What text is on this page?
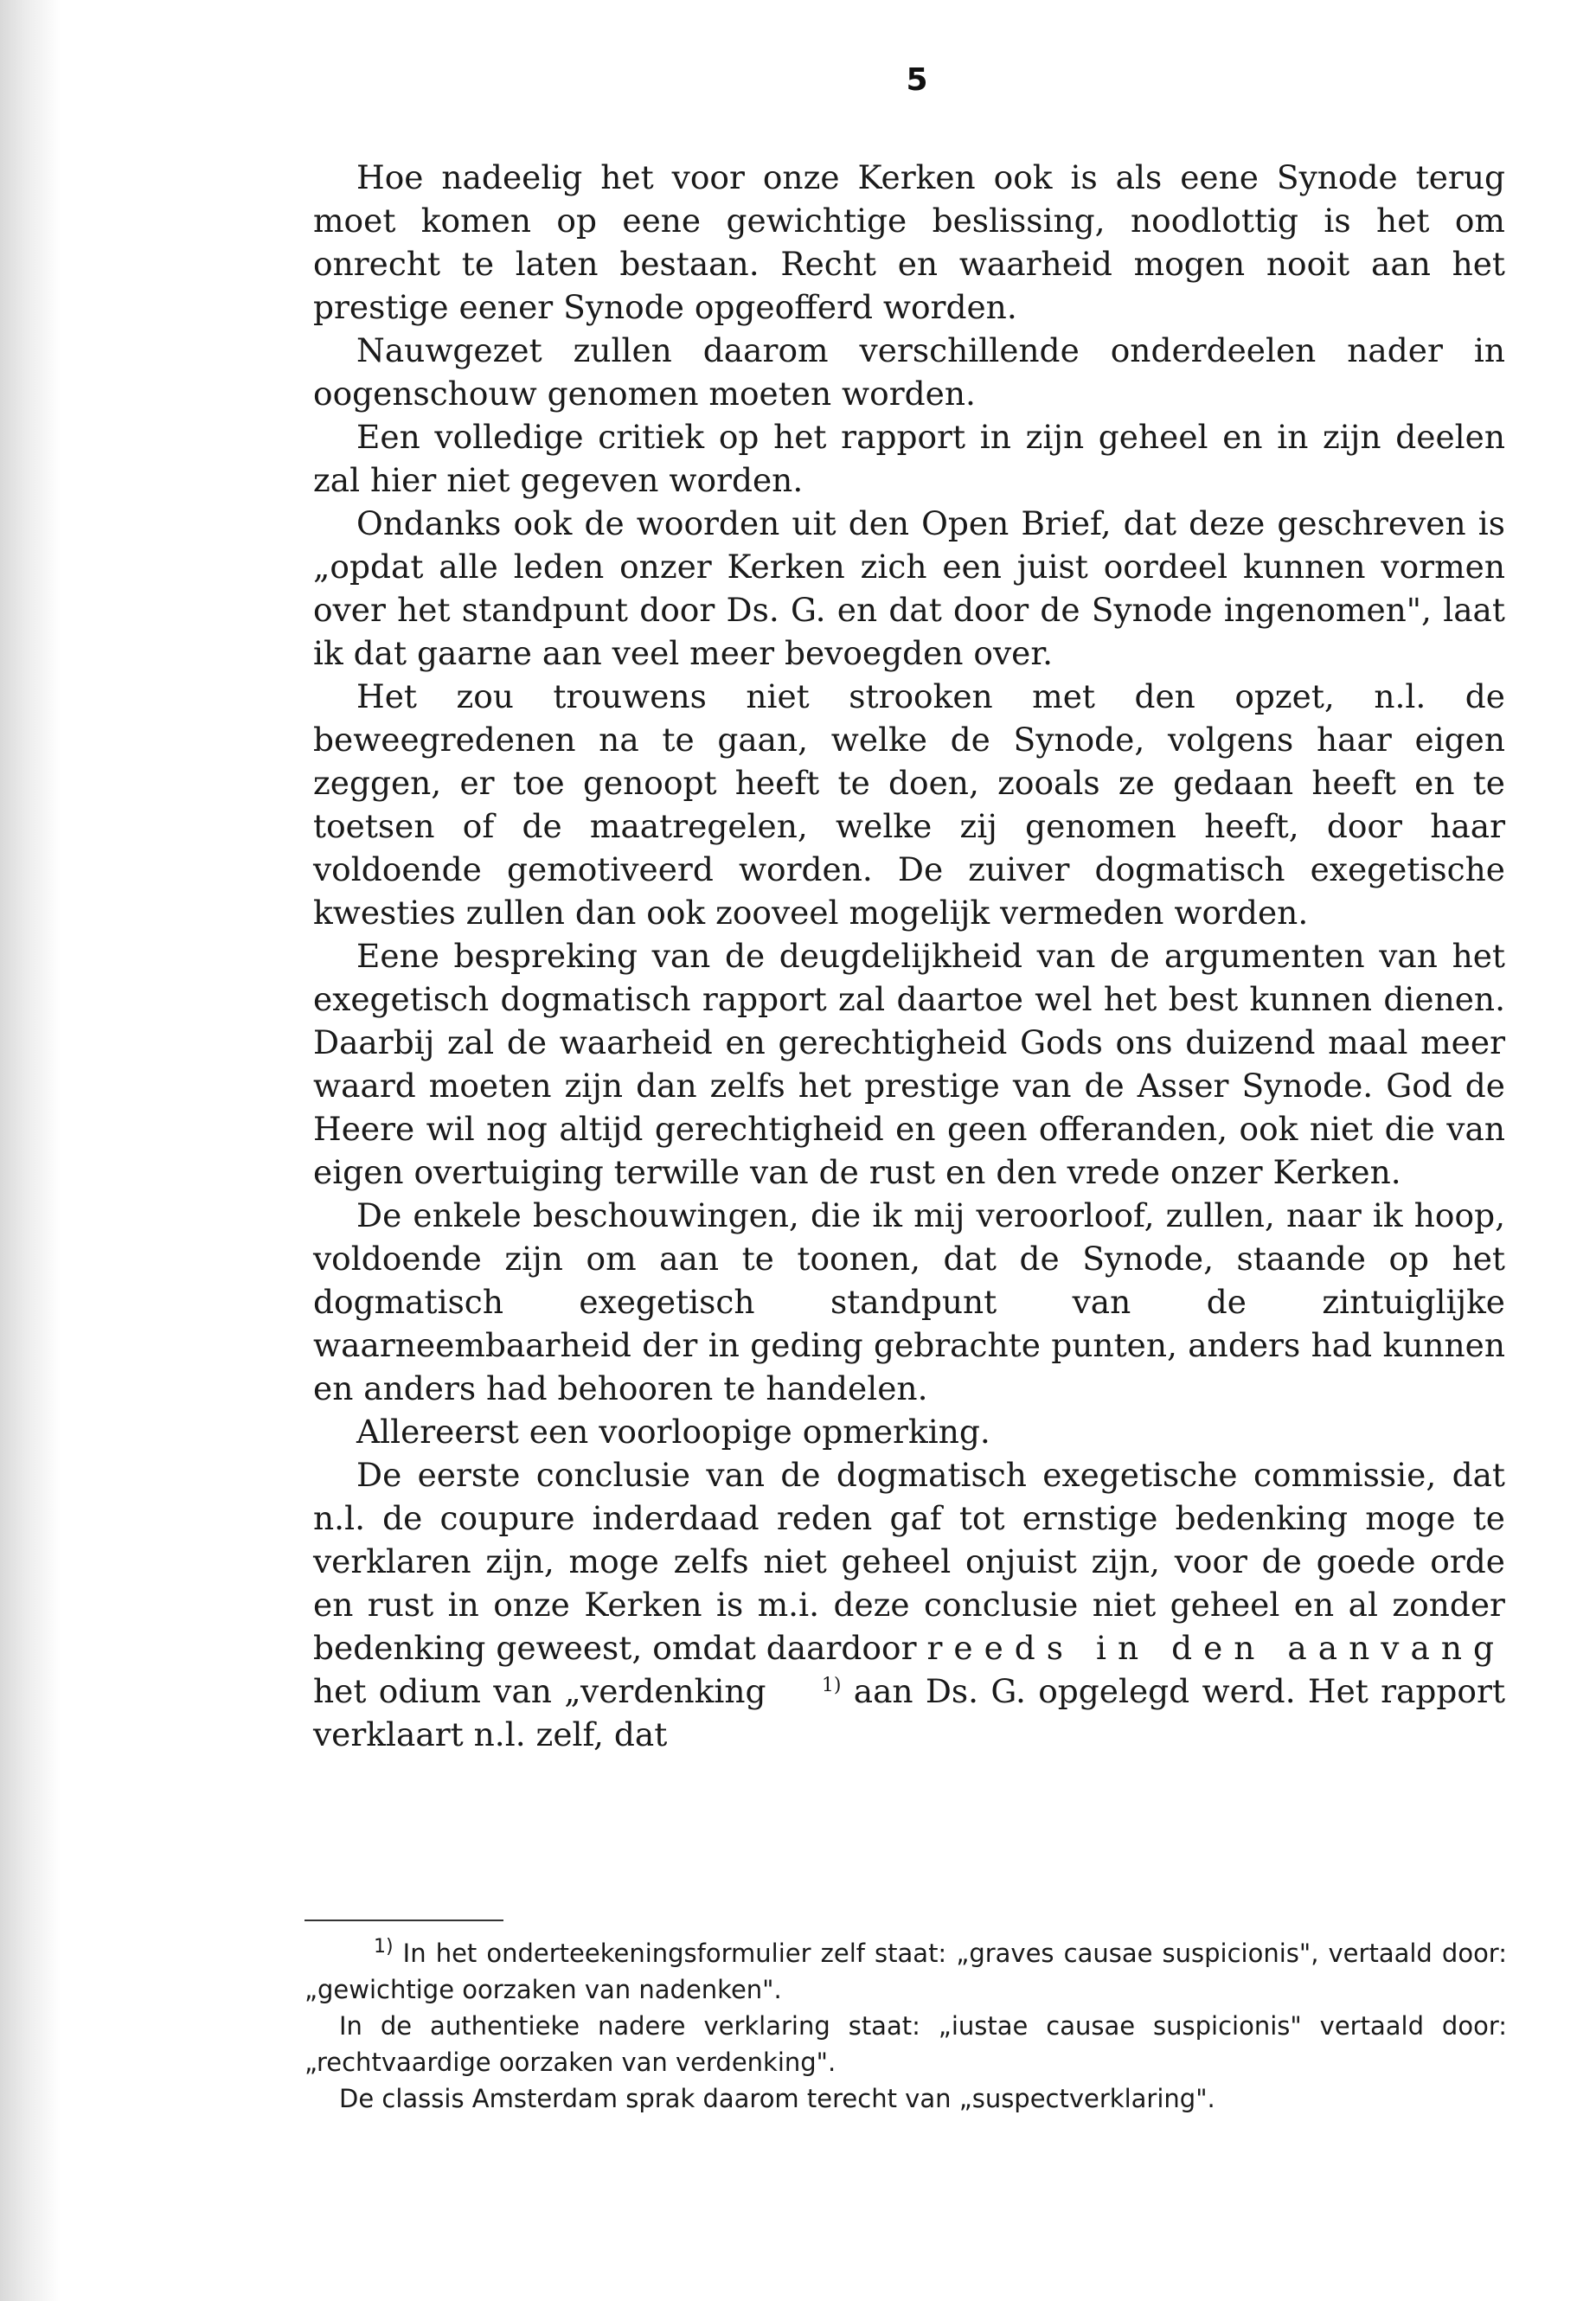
5

Hoe nadeelig het voor onze Kerken ook is als eene Synode terug moet komen op eene gewichtige beslissing, noodlottig is het om onrecht te laten bestaan. Recht en waarheid mogen nooit aan het prestige eener Synode opgeofferd worden.

Nauwgezet zullen daarom verschillende onderdeelen nader in oogenschouw genomen moeten worden.

Een volledige critiek op het rapport in zijn geheel en in zijn deelen zal hier niet gegeven worden.

Ondanks ook de woorden uit den Open Brief, dat deze geschreven is „opdat alle leden onzer Kerken zich een juist oordeel kunnen vormen over het standpunt door Ds. G. en dat door de Synode ingenomen", laat ik dat gaarne aan veel meer bevoegden over.

Het zou trouwens niet strooken met den opzet, n.l. de beweegredenen na te gaan, welke de Synode, volgens haar eigen zeggen, er toe genoopt heeft te doen, zooals ze gedaan heeft en te toetsen of de maatregelen, welke zij genomen heeft, door haar voldoende gemotiveerd worden. De zuiver dogmatisch exegetische kwesties zullen dan ook zooveel mogelijk vermeden worden.

Eene bespreking van de deugdelijkheid van de argumenten van het exegetisch dogmatisch rapport zal daartoe wel het best kunnen dienen. Daarbij zal de waarheid en gerechtigheid Gods ons duizend maal meer waard moeten zijn dan zelfs het prestige van de Asser Synode. God de Heere wil nog altijd gerechtigheid en geen offeranden, ook niet die van eigen overtuiging terwille van de rust en den vrede onzer Kerken.

De enkele beschouwingen, die ik mij veroorloof, zullen, naar ik hoop, voldoende zijn om aan te toonen, dat de Synode, staande op het dogmatisch exegetisch standpunt van de zintuiglijke waarneembaarheid der in geding gebrachte punten, anders had kunnen en anders had behooren te handelen.

Allereerst een voorloopige opmerking.

De eerste conclusie van de dogmatisch exegetische commissie, dat n.l. de coupure inderdaad reden gaf tot ernstige bedenking moge te verklaren zijn, moge zelfs niet geheel onjuist zijn, voor de goede orde en rust in onze Kerken is m.i. deze conclusie niet geheel en al zonder bedenking geweest, omdat daardoor reeds in den aanvang het odium van „verdenking	1) aan Ds. G. opgelegd werd. Het rapport verklaart n.l. zelf, dat

1) In het onderteekeningsformulier zelf staat: „graves causae suspicionis", vertaald door: „gewichtige oorzaken van nadenken".

In de authentieke nadere verklaring staat: „iustae causae suspicionis" vertaald door: „rechtvaardige oorzaken van verdenking".

De classis Amsterdam sprak daarom terecht van „suspectverklaring".
